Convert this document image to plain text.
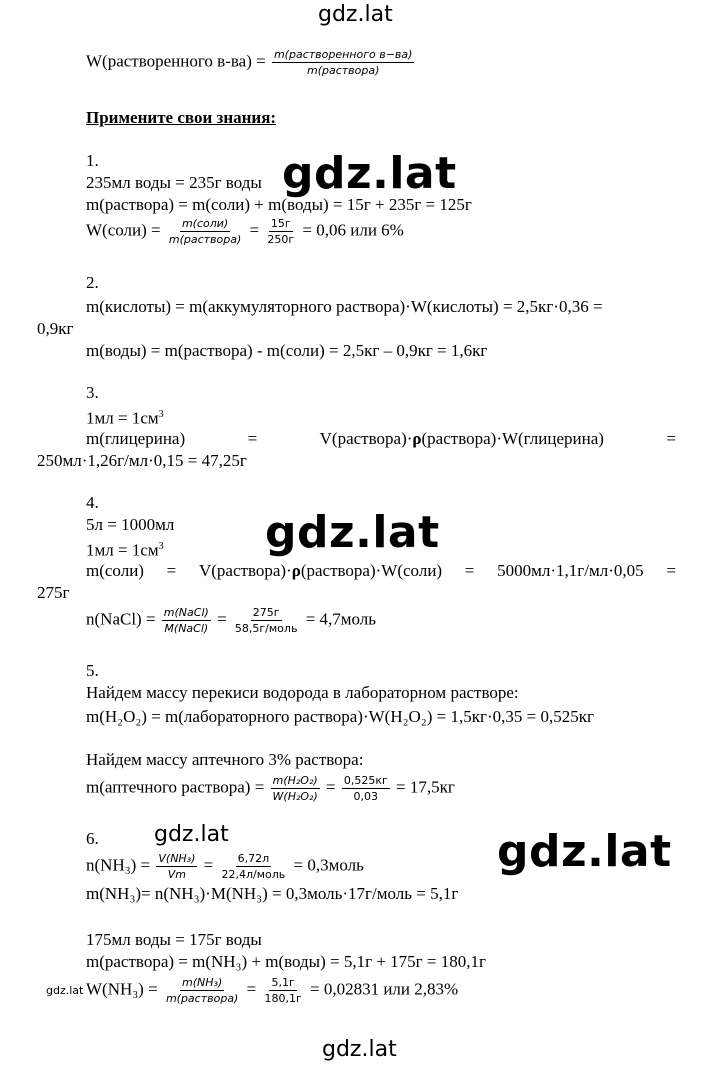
gdz.lat
gdz.lat
gdz.lat
gdz.lat	gdz.lat
gdz.lat
gdz.lat
W(растворенного $в-ва) = \frac{\text{m(растворенного в−ва)}}{\text{m(раствора)}}$
Примените свои знания:
1.
235мл воды = 235г воды
m(раствора) = m(соли) + m(воды) = 15г + 235г = 125г
W(соли) = $\frac{\text{m(соли)}}{\text{m(раствора)}} = \frac{15г}{250г} = 0,06$ или 6%
2.
m(кислоты) = m(аккумуляторного раствора)·W(кислоты) = 2,5кг·0,36 =
0,9кг
m(воды) = m(раствора) - m(соли) = 2,5кг – 0,9кг = 1,6кг
3.
$1мл = 1см^3$
m(глицерина)	=	V(раствора)·ρ(раствора)·W(глицерина)	=
250мл·1,26г/мл·0,15 = 47,25г
4.
5л = 1000мл
$1мл = 1см^3$
m(соли) = V(раствора)·ρ(раствора)·W(соли) = 5000мл·1,1г/мл·0,05 =
275г
n(NaCl) = $\frac{\text{m(NaCl)}}{\text{M(NaCl)}} = \frac{275г}{\text{58,5г/моль}}$ = 4,7моль
5.
Найдем массу перекиси водорода в лабораторном растворе:
m(H₂O₂) = m(лабораторного раствора)·W(H₂O₂) = 1,5кг·0,35 = 0,525кг
Найдем массу аптечного 3% раствора:
m(аптечного раствора) = $\frac{\text{m(H₂O₂)}}{\text{W(H₂O₂)}} = \frac{0,525кг}{0,03} = 17,5кг$
6.
$n(NH_3) = \frac{\text{V(NH₃)}}{Vm} = \frac{6,72л}{\text{22,4л/моль}}$ = 0,3моль
m(NH₃)= n(NH₃)·M(NH₃) = 0,3моль·17г/моль = 5,1г
175мл воды = 175г воды
m(раствора) = m(NH₃) + m(воды) = 5,1г + 175г = 180,1г
$W(NH_3) = \frac{\text{m(NH₃)}}{\text{m(раствора)}} = \frac{5,1г}{180,1г} = 0,02831$ или 2,83%
